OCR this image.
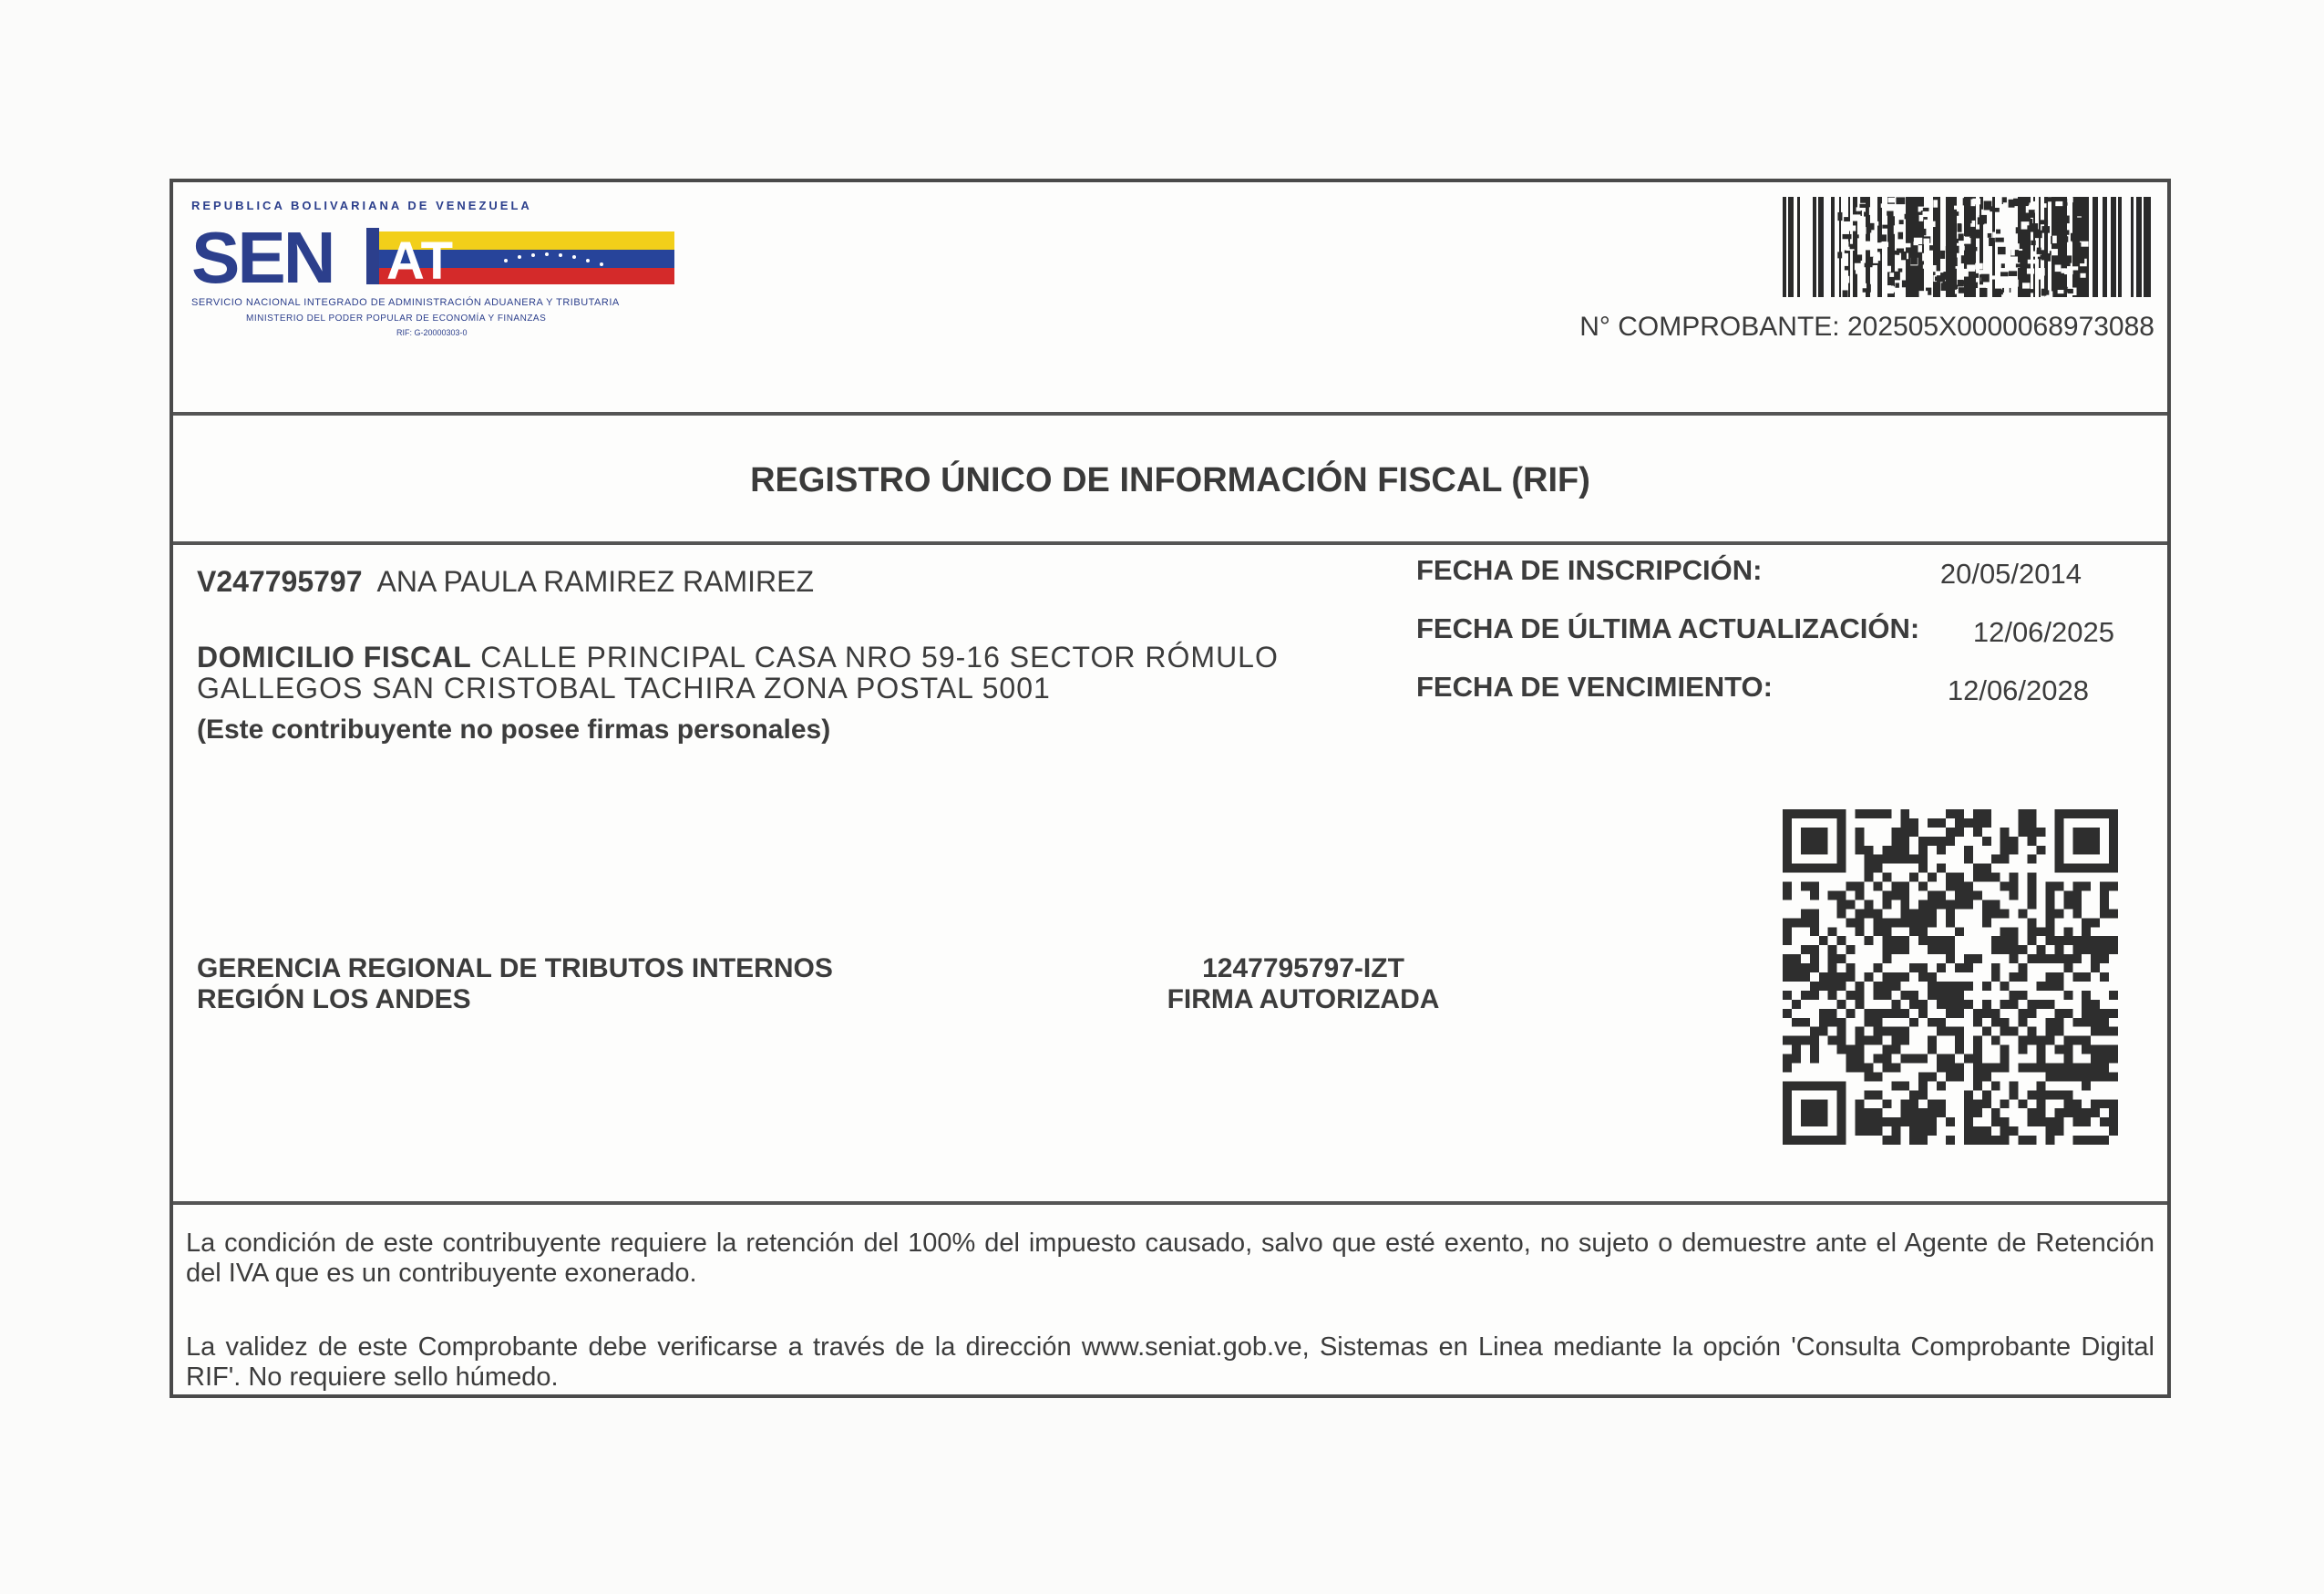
REPUBLICA BOLIVARIANA DE VENEZUELA
SEN AT
SERVICIO NACIONAL INTEGRADO DE ADMINISTRACIÓN ADUANERA Y TRIBUTARIA
MINISTERIO DEL PODER POPULAR DE ECONOMÍA Y FINANZAS
RIF: G-20000303-0	N° COMPROBANTE: 202505X0000068973088
REGISTRO ÚNICO DE INFORMACIÓN FISCAL (RIF)
V247795797 ANA PAULA RAMIREZ RAMIREZ
DOMICILIO FISCAL CALLE PRINCIPAL CASA NRO 59-16 SECTOR RÓMULO GALLEGOS SAN CRISTOBAL TACHIRA ZONA POSTAL 5001
(Este contribuyente no posee firmas personales)
FECHA DE INSCRIPCIÓN:	20/05/2014
FECHA DE ÚLTIMA ACTUALIZACIÓN: 12/06/2025
FECHA DE VENCIMIENTO:	12/06/2028
GERENCIA REGIONAL DE TRIBUTOS INTERNOS
REGIÓN LOS ANDES
1247795797-IZT
FIRMA AUTORIZADA
La condición de este contribuyente requiere la retención del 100% del impuesto causado, salvo que esté exento, no sujeto o demuestre ante el Agente de Retención del IVA que es un contribuyente exonerado.
La validez de este Comprobante debe verificarse a través de la dirección www.seniat.gob.ve, Sistemas en Linea mediante la opción 'Consulta Comprobante Digital RIF'. No requiere sello húmedo.
